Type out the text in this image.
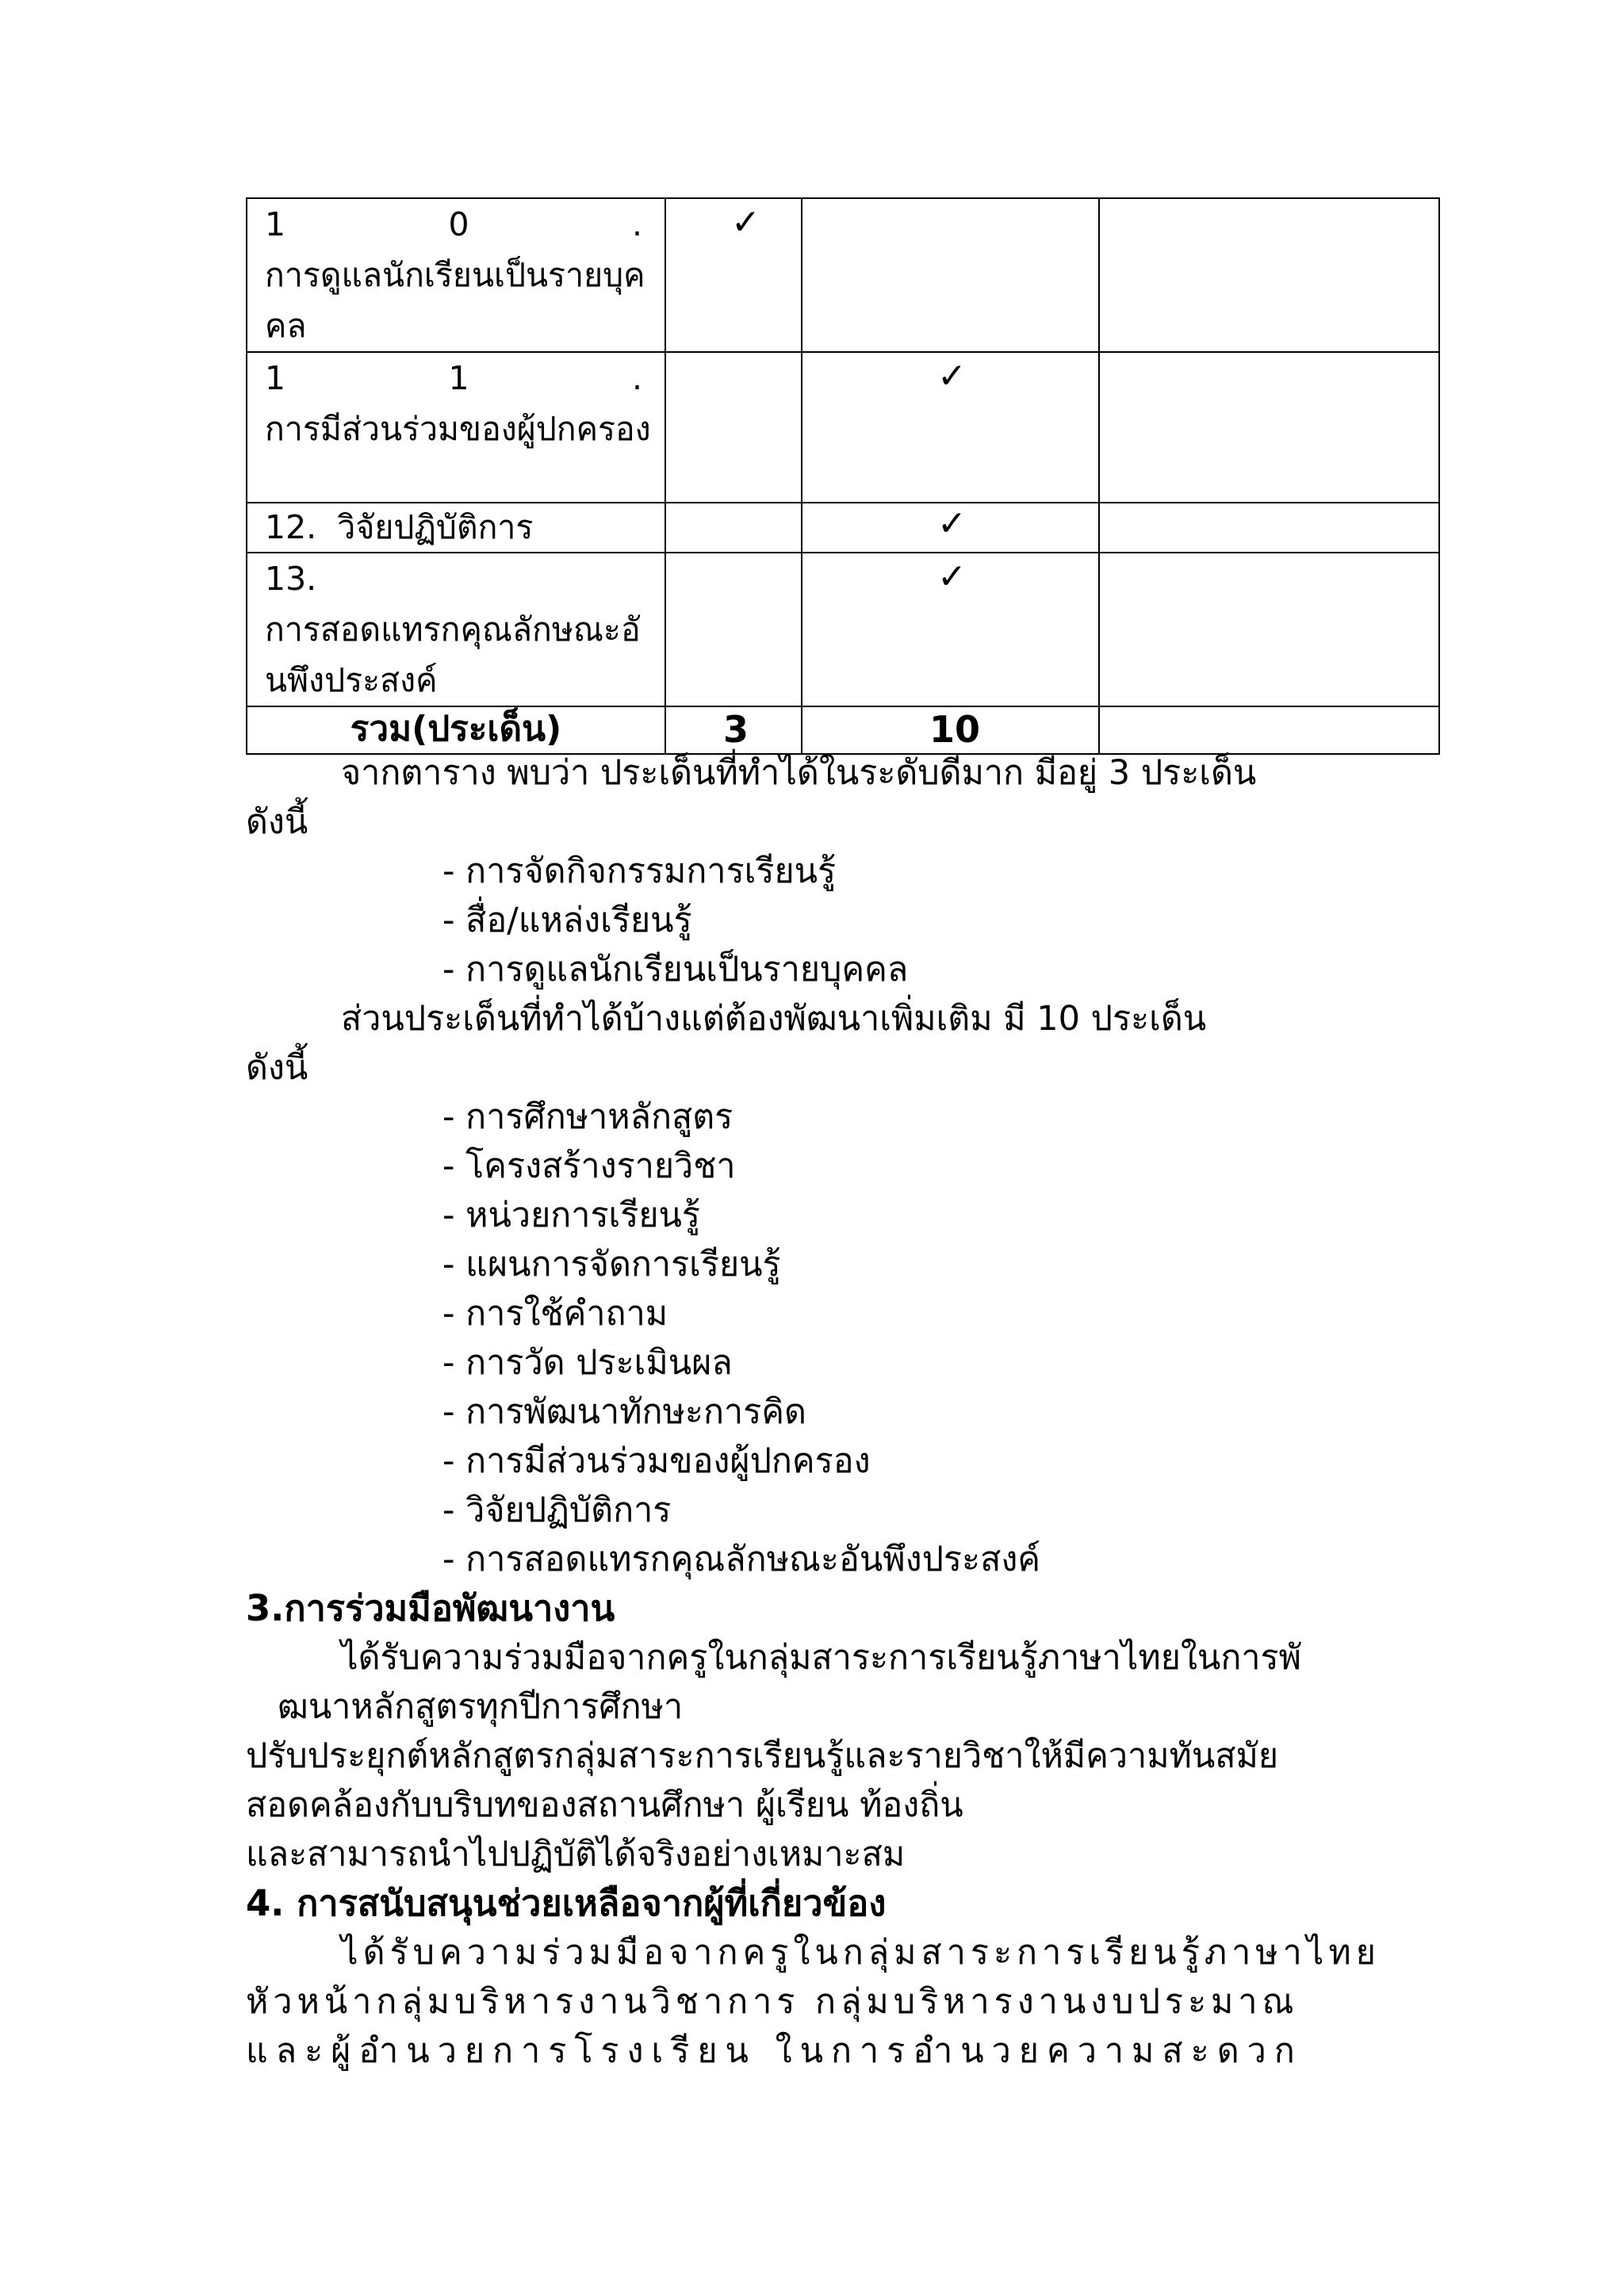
1 0 .
การดูแลนักเรียนเป็นรายบุคคล	✓		

1 1 .
การมีส่วนร่วมของผู้ปกครอง		✓	

12. วิจัยปฏิบัติการ		✓	

13.
การสอดแทรกคุณลักษณะอันพึงประสงค์		✓	

รวม(ประเด็น)	3	10	

จากตาราง พบว่า ประเด็นที่ทำได้ในระดับดีมาก มีอยู่ 3 ประเด็น

ดังนี้

- การจัดกิจกรรมการเรียนรู้
- สื่อ/แหล่งเรียนรู้
- การดูแลนักเรียนเป็นรายบุคคล

ส่วนประเด็นที่ทำได้บ้างแต่ต้องพัฒนาเพิ่มเติม มี 10 ประเด็น

ดังนี้

- การศึกษาหลักสูตร
- โครงสร้างรายวิชา
- หน่วยการเรียนรู้
- แผนการจัดการเรียนรู้
- การใช้คำถาม
- การวัด ประเมินผล
- การพัฒนาทักษะการคิด
- การมีส่วนร่วมของผู้ปกครอง
- วิจัยปฏิบัติการ
- การสอดแทรกคุณลักษณะอันพึงประสงค์

3.การร่วมมือพัฒนางาน

ได้รับความร่วมมือจากครูในกลุ่มสาระการเรียนรู้ภาษาไทยในการพั

ฒนาหลักสูตรทุกปีการศึกษา

ปรับประยุกต์หลักสูตรกลุ่มสาระการเรียนรู้และรายวิชาให้มีความทันสมัย

สอดคล้องกับบริบทของสถานศึกษา ผู้เรียน ท้องถิ่น

และสามารถนำไปปฏิบัติได้จริงอย่างเหมาะสม

4. การสนับสนุนช่วยเหลือจากผู้ที่เกี่ยวข้อง

ได้รับความร่วมมือจากครูในกลุ่มสาระการเรียนรู้ภาษาไทย

หัวหน้ากลุ่มบริหารงานวิชาการ กลุ่มบริหารงานงบประมาณ

และผู้อำนวยการโรงเรียน ในการอำนวยความสะดวก
